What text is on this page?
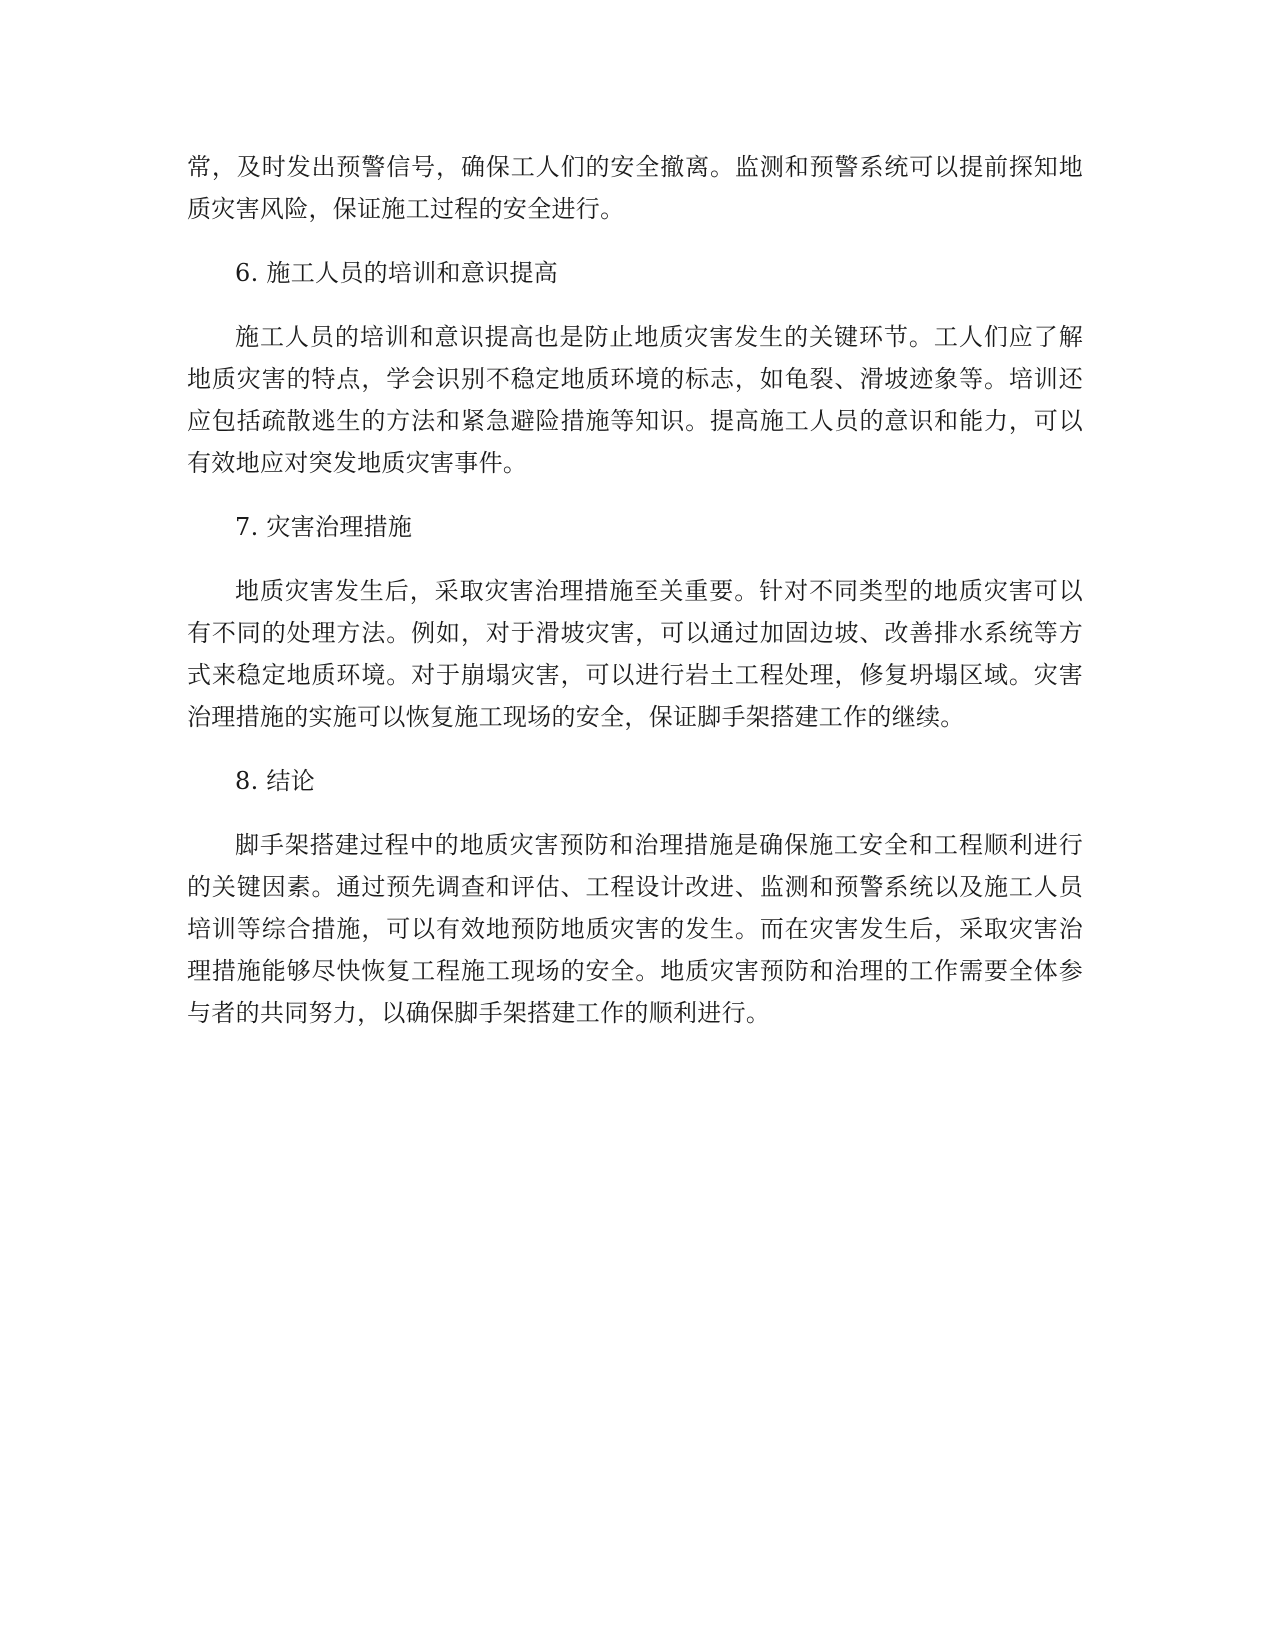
常，及时发出预警信号，确保工人们的安全撤离。监测和预警系统可以提前探知地质灾害风险，保证施工过程的安全进行。

6. 施工人员的培训和意识提高

施工人员的培训和意识提高也是防止地质灾害发生的关键环节。工人们应了解地质灾害的特点，学会识别不稳定地质环境的标志，如龟裂、滑坡迹象等。培训还应包括疏散逃生的方法和紧急避险措施等知识。提高施工人员的意识和能力，可以有效地应对突发地质灾害事件。

7. 灾害治理措施

地质灾害发生后，采取灾害治理措施至关重要。针对不同类型的地质灾害可以有不同的处理方法。例如，对于滑坡灾害，可以通过加固边坡、改善排水系统等方式来稳定地质环境。对于崩塌灾害，可以进行岩土工程处理，修复坍塌区域。灾害治理措施的实施可以恢复施工现场的安全，保证脚手架搭建工作的继续。

8. 结论

脚手架搭建过程中的地质灾害预防和治理措施是确保施工安全和工程顺利进行的关键因素。通过预先调查和评估、工程设计改进、监测和预警系统以及施工人员培训等综合措施，可以有效地预防地质灾害的发生。而在灾害发生后，采取灾害治理措施能够尽快恢复工程施工现场的安全。地质灾害预防和治理的工作需要全体参与者的共同努力，以确保脚手架搭建工作的顺利进行。
